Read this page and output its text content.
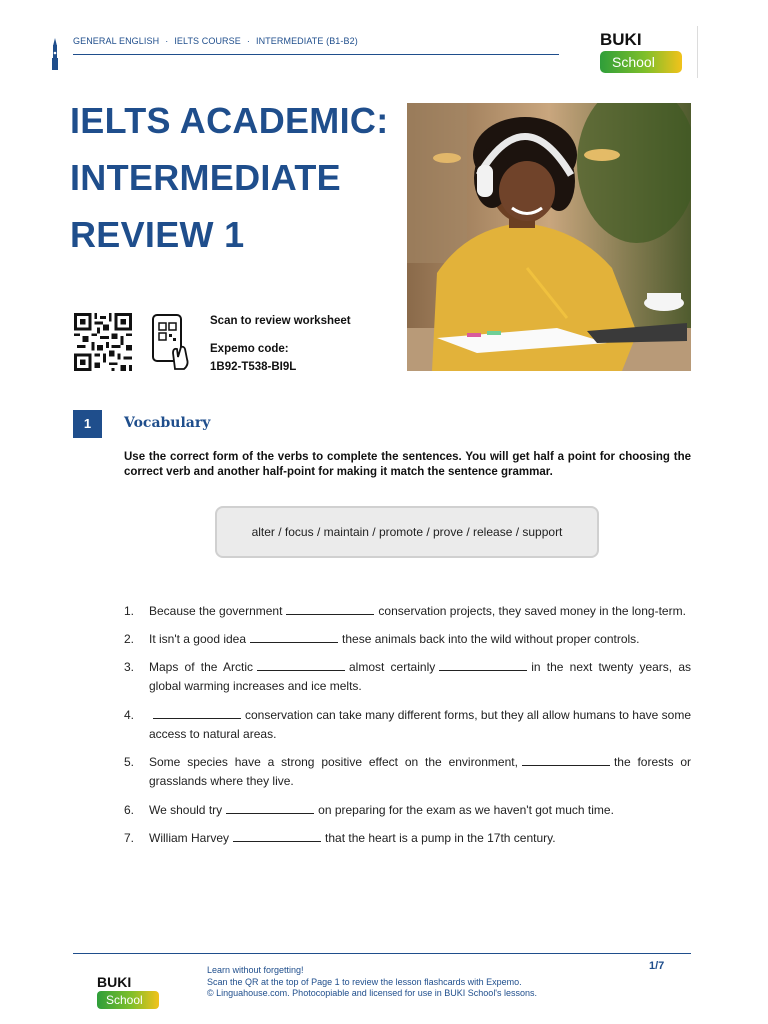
GENERAL ENGLISH · IELTS COURSE · INTERMEDIATE (B1-B2)	BUKI
School
IELTS ACADEMIC:
INTERMEDIATE
REVIEW 1
Scan to review worksheet
Expemo code:
1B92-T538-BI9L
1	Vocabulary
Use the correct form of the verbs to complete the sentences. You will get half a point for choosing the correct verb and another half-point for making it match the sentence grammar.
alter / focus / maintain / promote / prove / release / support
1. Because the government	conservation projects, they saved money in the long-term.
2. It isn't a good idea	these animals back into the wild without proper controls.
3. Maps of the Arctic	almost certainly	in the next twenty years, as global warming increases and ice melts.
4.	conservation can take many different forms, but they all allow humans to have some access to natural areas.
5. Some species have a strong positive effect on the environment,	the forests or grasslands where they live.
6. We should try	on preparing for the exam as we haven't got much time.
7. William Harvey	that the heart is a pump in the 17th century.
BUKI
School
Learn without forgetting!
Scan the QR at the top of Page 1 to review the lesson flashcards with Expemo.
© Linguahouse.com. Photocopiable and licensed for use in BUKI School's lessons.
1/7
